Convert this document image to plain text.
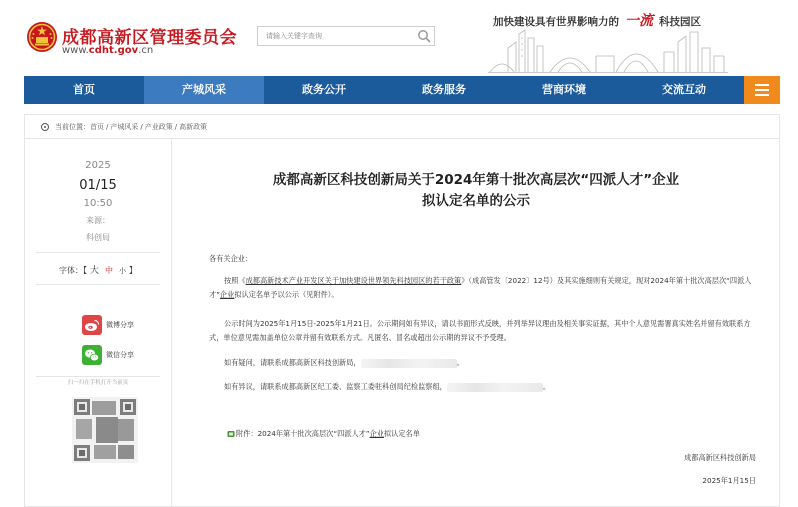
成都高新区管理委员会
www.cdht.gov.cn
请输入关键字查询
加快建设具有世界影响力的 一流 科技园区
首页	产城风采	政务公开	政务服务	营商环境	交流互动
当前位置： 首页 / 产城风采 / 产业政策 / 高新政策
2025
01/15
10:50
来源：
科创局
字体：【 大 中 小 】
微博分享
微信分享
扫一扫在手机打开当前页

成都高新区科技创新局关于2024年第十批次高层次“四派人才”企业

拟认定名单的公示

各有关企业：
按照《成都高新技术产业开发区关于加快建设世界领先科技园区的若干政策》（成高管发〔2022〕12号）及其实施细则有关规定，现对2024年第十批次高层次“四派人才”企业拟认定名单予以公示（见附件）。
公示时间为2025年1月15日-2025年1月21日。公示期间如有异议，请以书面形式反映，并列举异议理由及相关事实证据，其中个人意见需署真实姓名并留有效联系方式，单位意见需加盖单位公章并留有效联系方式。凡匿名、冒名或超出公示期的异议不予受理。
如有疑问，请联系成都高新区科技创新局，	。
如有异议，请联系成都高新区纪工委、监察工委驻科创局纪检监察组，	。
附件：2024年第十批次高层次“四派人才” 企业 拟认定名单
成都高新区科技创新局
2025年1月15日
